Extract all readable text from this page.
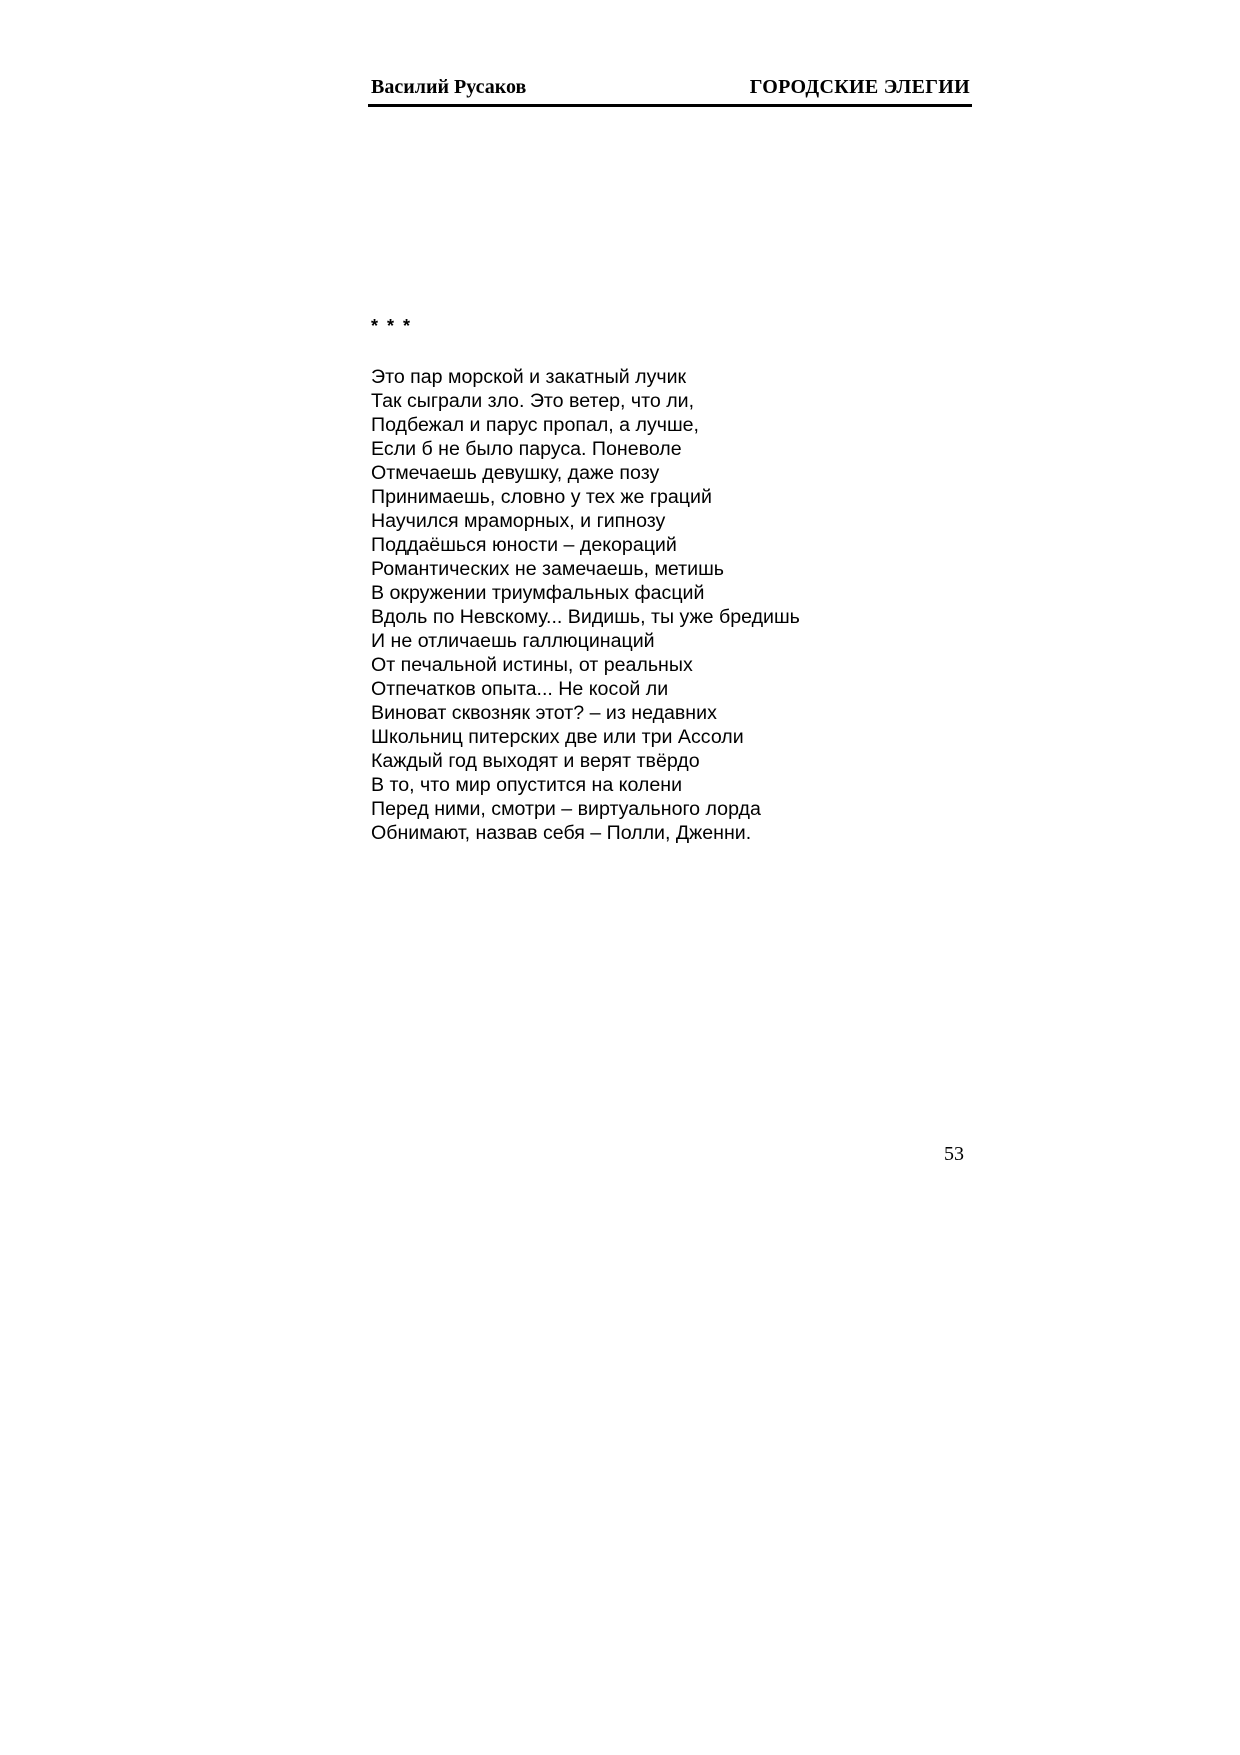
Василий Русаков	ГОРОДСКИЕ ЭЛЕГИИ
* * *
Это пар морской и закатный лучик
Так сыграли зло. Это ветер, что ли,
Подбежал и парус пропал, а лучше,
Если б не было паруса. Поневоле
Отмечаешь девушку, даже позу
Принимаешь, словно у тех же граций
Научился мраморных, и гипнозу
Поддаёшься юности – декораций
Романтических не замечаешь, метишь
В окружении триумфальных фасций
Вдоль по Невскому... Видишь, ты уже бредишь
И не отличаешь галлюцинаций
От печальной истины, от реальных
Отпечатков опыта... Не косой ли
Виноват сквозняк этот? – из недавних
Школьниц питерских две или три Ассоли
Каждый год выходят и верят твёрдо
В то, что мир опустится на колени
Перед ними, смотри – виртуального лорда
Обнимают, назвав себя – Полли, Дженни.
53
